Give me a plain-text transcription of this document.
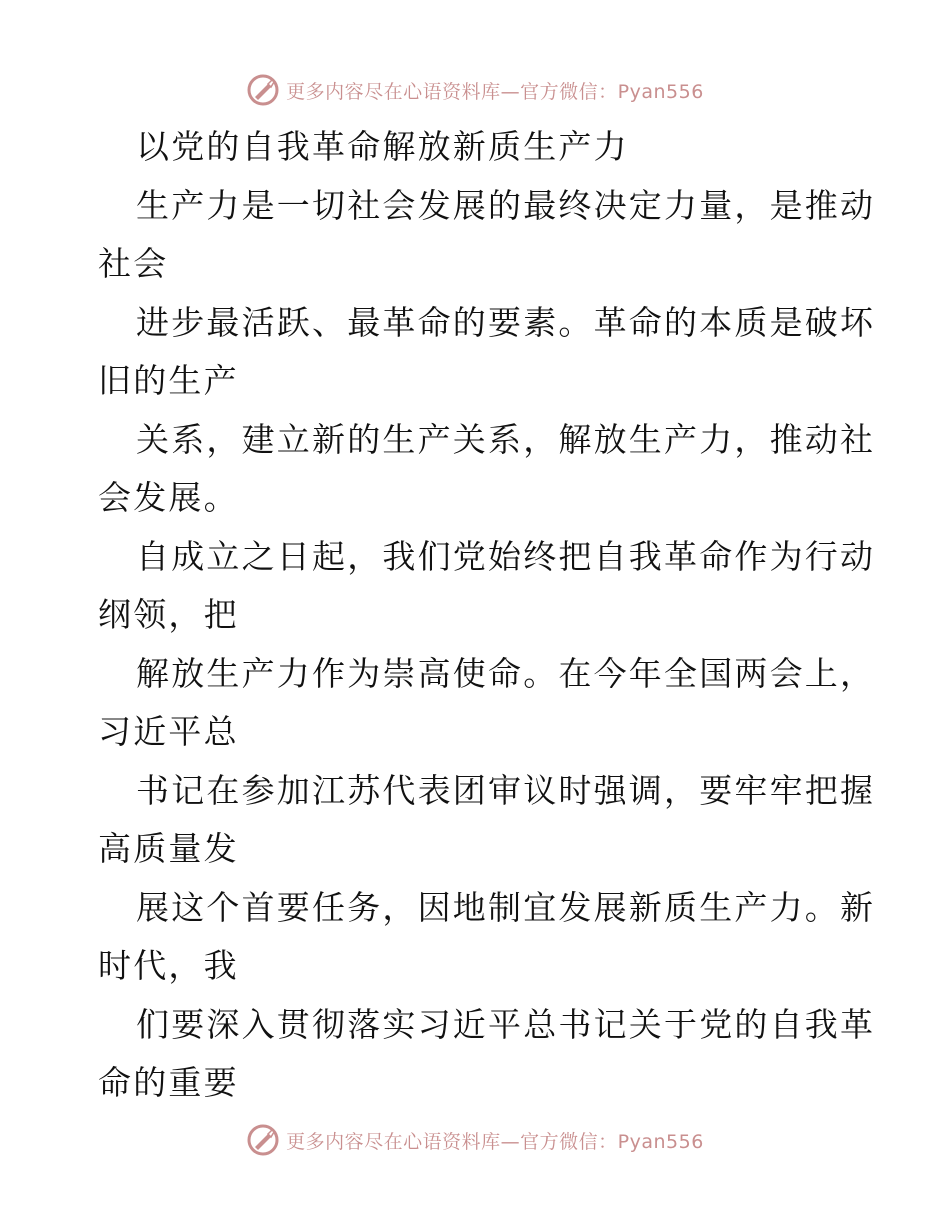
更多内容尽在心语资料库—官方微信：Pyan556
以党的自我革命解放新质生产力
生产力是一切社会发展的最终决定力量，是推动
社会
进步最活跃、最革命的要素。革命的本质是破坏
旧的生产
关系，建立新的生产关系，解放生产力，推动社
会发展。
自成立之日起，我们党始终把自我革命作为行动
纲领，把
解放生产力作为崇高使命。在今年全国两会上，
习近平总
书记在参加江苏代表团审议时强调，要牢牢把握
高质量发
展这个首要任务，因地制宜发展新质生产力。新
时代，我
们要深入贯彻落实习近平总书记关于党的自我革
命的重要
更多内容尽在心语资料库—官方微信：Pyan556
